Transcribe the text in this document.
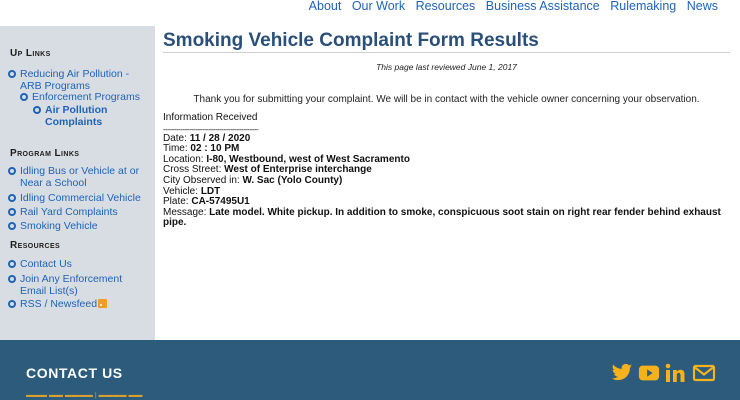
About Our Work Resources Business Assistance Rulemaking News
Up Links
Reducing Air Pollution - ARB Programs
Enforcement Programs
Air Pollution Complaints
Program Links
Idling Bus or Vehicle at or Near a School
Idling Commercial Vehicle
Rail Yard Complaints
Smoking Vehicle
Resources
Contact Us
Join Any Enforcement Email List(s)
RSS / Newsfeed
Smoking Vehicle Complaint Form Results
This page last reviewed June 1, 2017
Thank you for submitting your complaint. We will be in contact with the vehicle owner concerning your observation.
Information Received
--------------------------------------------
Date: 11 / 28 / 2020
Time: 02 : 10 PM
Location: I-80, Westbound, west of West Sacramento
Cross Street: West of Enterprise interchange
City Observed in: W. Sac (Yolo County)
Vehicle: LDT
Plate: CA-57495U1
Message: Late model. White pickup. In addition to smoke, conspicuous soot stain on right rear fender behind exhaust pipe.
CONTACT US
▬▬▬ ▬▬ ▬▬▬▬ | ▬▬▬▬ ▬▬
